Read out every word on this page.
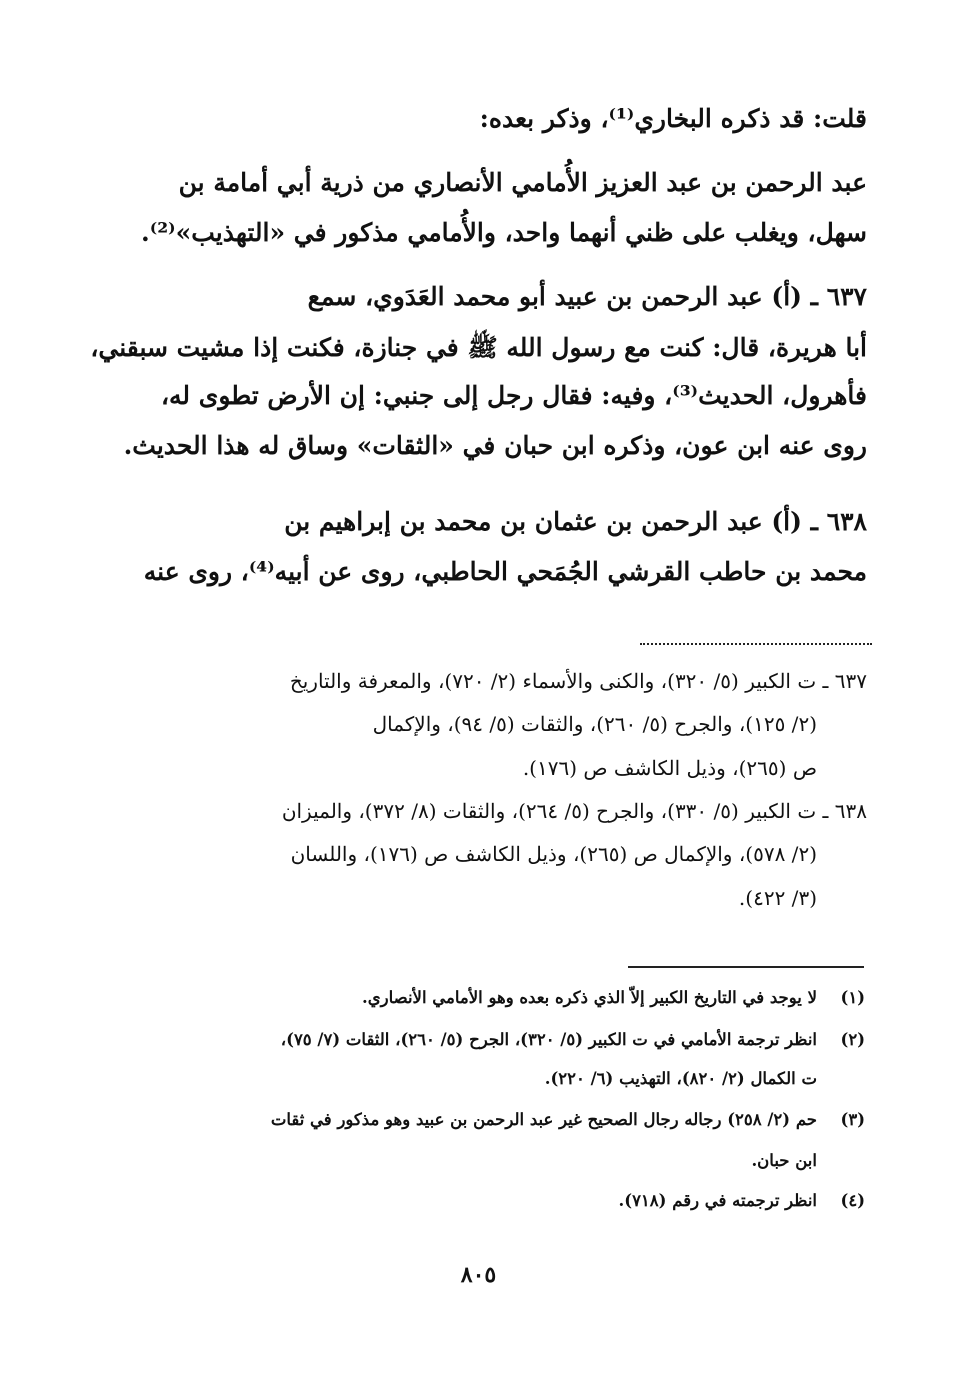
قلت: قد ذكره البخاري⁽¹⁾، وذكر بعده:
عبد الرحمن بن عبد العزيز الأُمامي الأنصاري من ذرية أبي أمامة بن
سهل، ويغلب على ظني أنهما واحد، والأُمامي مذكور في «التهذيب»⁽²⁾.
٦٣٧ ـ (أ) عبد الرحمن بن عبيد أبو محمد العَدَوي، سمع
أبا هريرة، قال: كنت مع رسول الله ﷺ في جنازة، فكنت إذا مشيت سبقني،
فأهرول، الحديث⁽³⁾، وفيه: فقال رجل إلى جنبي: إن الأرض تطوى له،
روى عنه ابن عون، وذكره ابن حبان في «الثقات» وساق له هذا الحديث.
٦٣٨ ـ (أ) عبد الرحمن بن عثمان بن محمد بن إبراهيم بن
محمد بن حاطب القرشي الجُمَحي الحاطبي، روى عن أبيه⁽⁴⁾، روى عنه
٦٣٧ ـ ت الكبير (٥/ ٣٢٠)، والكنى والأسماء (٢/ ٧٢٠)، والمعرفة والتاريخ
(٢/ ١٢٥)، والجرح (٥/ ٢٦٠)، والثقات (٥/ ٩٤)، والإكمال
ص (٢٦٥)، وذيل الكاشف ص (١٧٦).
٦٣٨ ـ ت الكبير (٥/ ٣٣٠)، والجرح (٥/ ٢٦٤)، والثقات (٨/ ٣٧٢)، والميزان
(٢/ ٥٧٨)، والإكمال ص (٢٦٥)، وذيل الكاشف ص (١٧٦)، واللسان
(٣/ ٤٢٢).
(١)
لا يوجد في التاريخ الكبير إلاّ الذي ذكره بعده وهو الأمامي الأنصاري.
(٢)
انظر ترجمة الأمامي في ت الكبير (٥/ ٣٢٠)، الجرح (٥/ ٢٦٠)، الثقات (٧/ ٧٥)،
ت الكمال (٢/ ٨٢٠)، التهذيب (٦/ ٢٢٠).
(٣)
حم (٢/ ٢٥٨) رجاله رجال الصحيح غير عبد الرحمن بن عبيد وهو مذكور في ثقات
ابن حبان.
(٤)
انظر ترجمته في رقم (٧١٨).
٨٠٥
